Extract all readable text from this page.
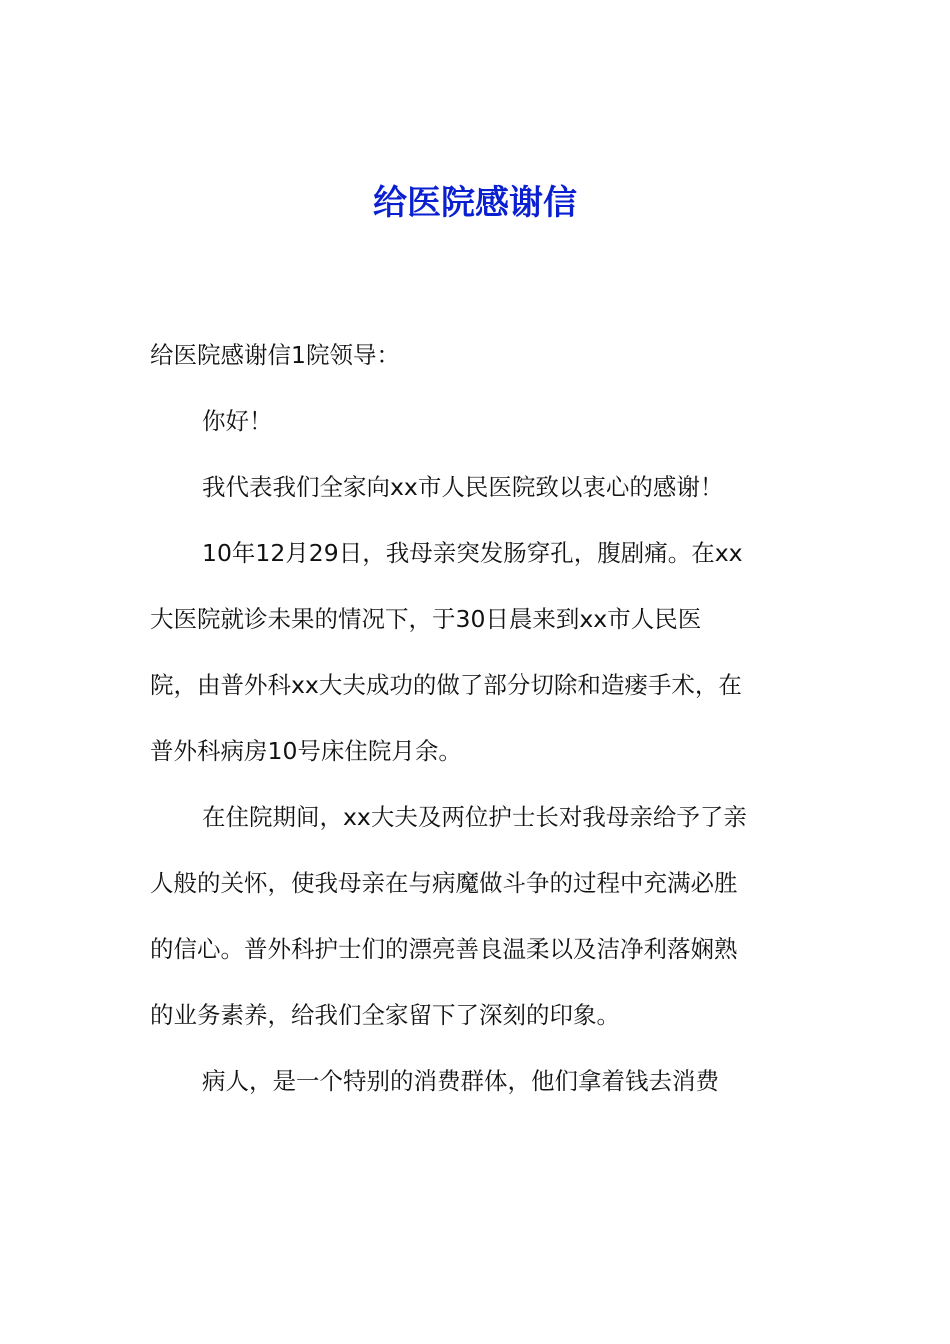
给医院感谢信
给医院感谢信1院领导：
你好！
我代表我们全家向xx市人民医院致以衷心的感谢！
10年12月29日，我母亲突发肠穿孔，腹剧痛。在xx
大医院就诊未果的情况下，于30日晨来到xx市人民医
院，由普外科xx大夫成功的做了部分切除和造瘘手术，在
普外科病房10号床住院月余。
在住院期间，xx大夫及两位护士长对我母亲给予了亲
人般的关怀，使我母亲在与病魔做斗争的过程中充满必胜
的信心。普外科护士们的漂亮善良温柔以及洁净利落娴熟
的业务素养，给我们全家留下了深刻的印象。
病人，是一个特别的消费群体，他们拿着钱去消费
